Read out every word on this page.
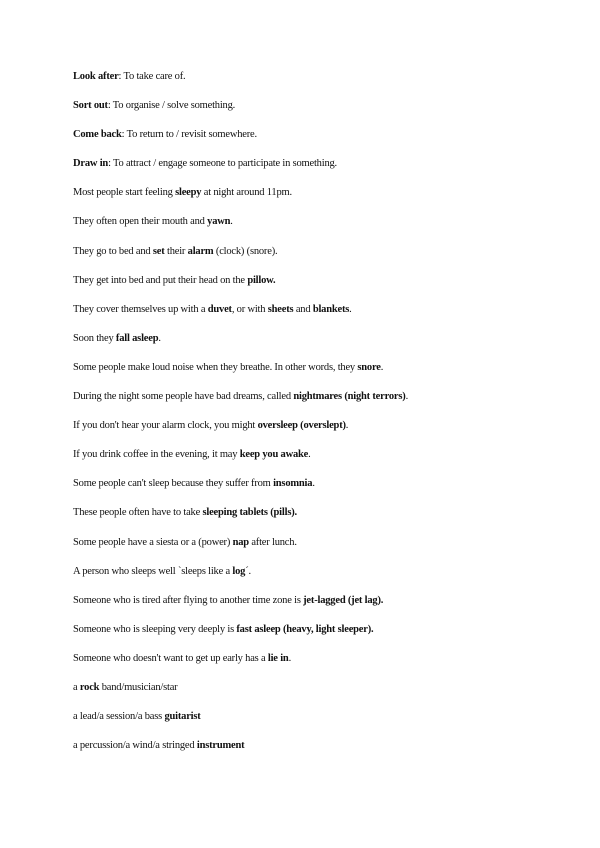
Look after: To take care of.
Sort out: To organise / solve something.
Come back: To return to / revisit somewhere.
Draw in: To attract / engage someone to participate in something.
Most people start feeling sleepy at night around 11pm.
They often open their mouth and yawn.
They go to bed and set their alarm (clock) (snore).
They get into bed and put their head on the pillow.
They cover themselves up with a duvet, or with sheets and blankets.
Soon they fall asleep.
Some people make loud noise when they breathe. In other words, they snore.
During the night some people have bad dreams, called nightmares (night terrors).
If you don't hear your alarm clock, you might oversleep (overslept).
If you drink coffee in the evening, it may keep you awake.
Some people can't sleep because they suffer from insomnia.
These people often have to take sleeping tablets (pills).
Some people have a siesta or a (power) nap after lunch.
A person who sleeps well `sleeps like a log´.
Someone who is tired after flying to another time zone is jet-lagged (jet lag).
Someone who is sleeping very deeply is fast asleep (heavy, light sleeper).
Someone who doesn't want to get up early has a lie in.
a rock band/musician/star
a lead/a session/a bass guitarist
a percussion/a wind/a stringed instrument
